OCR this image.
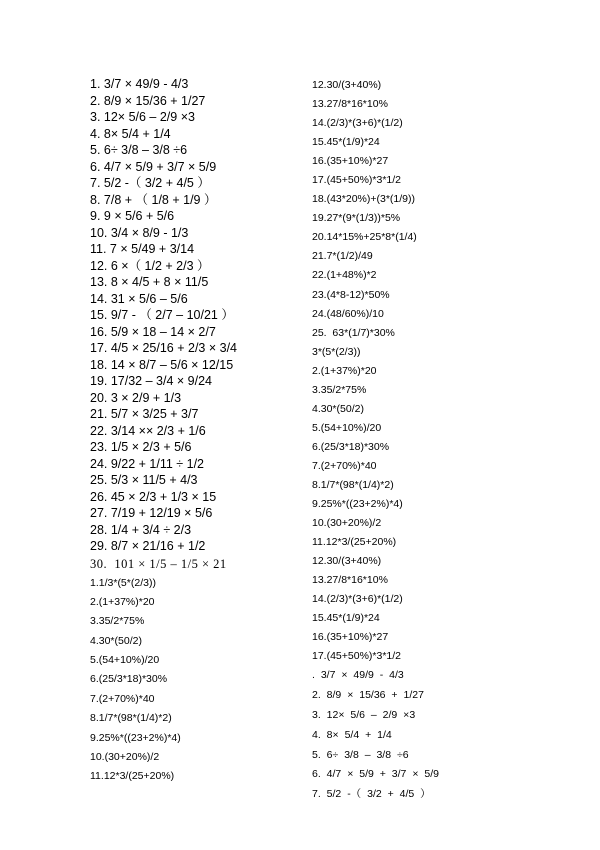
1. 3/7 × 49/9 - 4/3
2. 8/9 × 15/36 + 1/27
3. 12× 5/6 – 2/9 ×3
4. 8× 5/4 + 1/4
5. 6÷ 3/8 – 3/8 ÷6
6. 4/7 × 5/9 + 3/7 × 5/9
7. 5/2 -（ 3/2 + 4/5 ）
8. 7/8 + （ 1/8 + 1/9 ）
9. 9 × 5/6 + 5/6
10. 3/4 × 8/9 - 1/3
11. 7 × 5/49 + 3/14
12. 6 ×（ 1/2 + 2/3 ）
13. 8 × 4/5 + 8 × 11/5
14. 31 × 5/6 – 5/6
15. 9/7 - （ 2/7 – 10/21 ）
16. 5/9 × 18 – 14 × 2/7
17. 4/5 × 25/16 + 2/3 × 3/4
18. 14 × 8/7 – 5/6 × 12/15
19. 17/32 – 3/4 × 9/24
20. 3 × 2/9 + 1/3
21. 5/7 × 3/25 + 3/7
22. 3/14 ×× 2/3 + 1/6
23. 1/5 × 2/3 + 5/6
24. 9/22 + 1/11 ÷ 1/2
25. 5/3 × 11/5 + 4/3
26. 45 × 2/3 + 1/3 × 15
27. 7/19 + 12/19 × 5/6
28. 1/4 + 3/4 ÷ 2/3
29. 8/7 × 21/16 + 1/2
30.  101 × 1/5 – 1/5 × 21
1.1/3*(5*(2/3))
2.(1+37%)*20
3.35/2*75%
4.30*(50/2)
5.(54+10%)/20
6.(25/3*18)*30%
7.(2+70%)*40
8.1/7*(98*(1/4)*2)
9.25%*((23+2%)*4)
10.(30+20%)/2
11.12*3/(25+20%)
12.30/(3+40%)
13.27/8*16*10%
14.(2/3)*(3+6)*(1/2)
15.45*(1/9)*24
16.(35+10%)*27
17.(45+50%)*3*1/2
18.(43*20%)+(3*(1/9))
19.27*(9*(1/3))*5%
20.14*15%+25*8*(1/4)
21.7*(1/2)/49
22.(1+48%)*2
23.(4*8-12)*50%
24.(48/60%)/10
25.  63*(1/7)*30%
3*(5*(2/3))
2.(1+37%)*20
3.35/2*75%
4.30*(50/2)
5.(54+10%)/20
6.(25/3*18)*30%
7.(2+70%)*40
8.1/7*(98*(1/4)*2)
9.25%*((23+2%)*4)
10.(30+20%)/2
11.12*3/(25+20%)
12.30/(3+40%)
13.27/8*16*10%
14.(2/3)*(3+6)*(1/2)
15.45*(1/9)*24
16.(35+10%)*27
17.(45+50%)*3*1/2
. 3/7 × 49/9 - 4/3
2. 8/9 × 15/36 + 1/27
3. 12× 5/6 – 2/9 ×3
4. 8× 5/4 + 1/4
5. 6÷ 3/8 – 3/8 ÷6
6. 4/7 × 5/9 + 3/7 × 5/9
7. 5/2 -（ 3/2 + 4/5 ）
